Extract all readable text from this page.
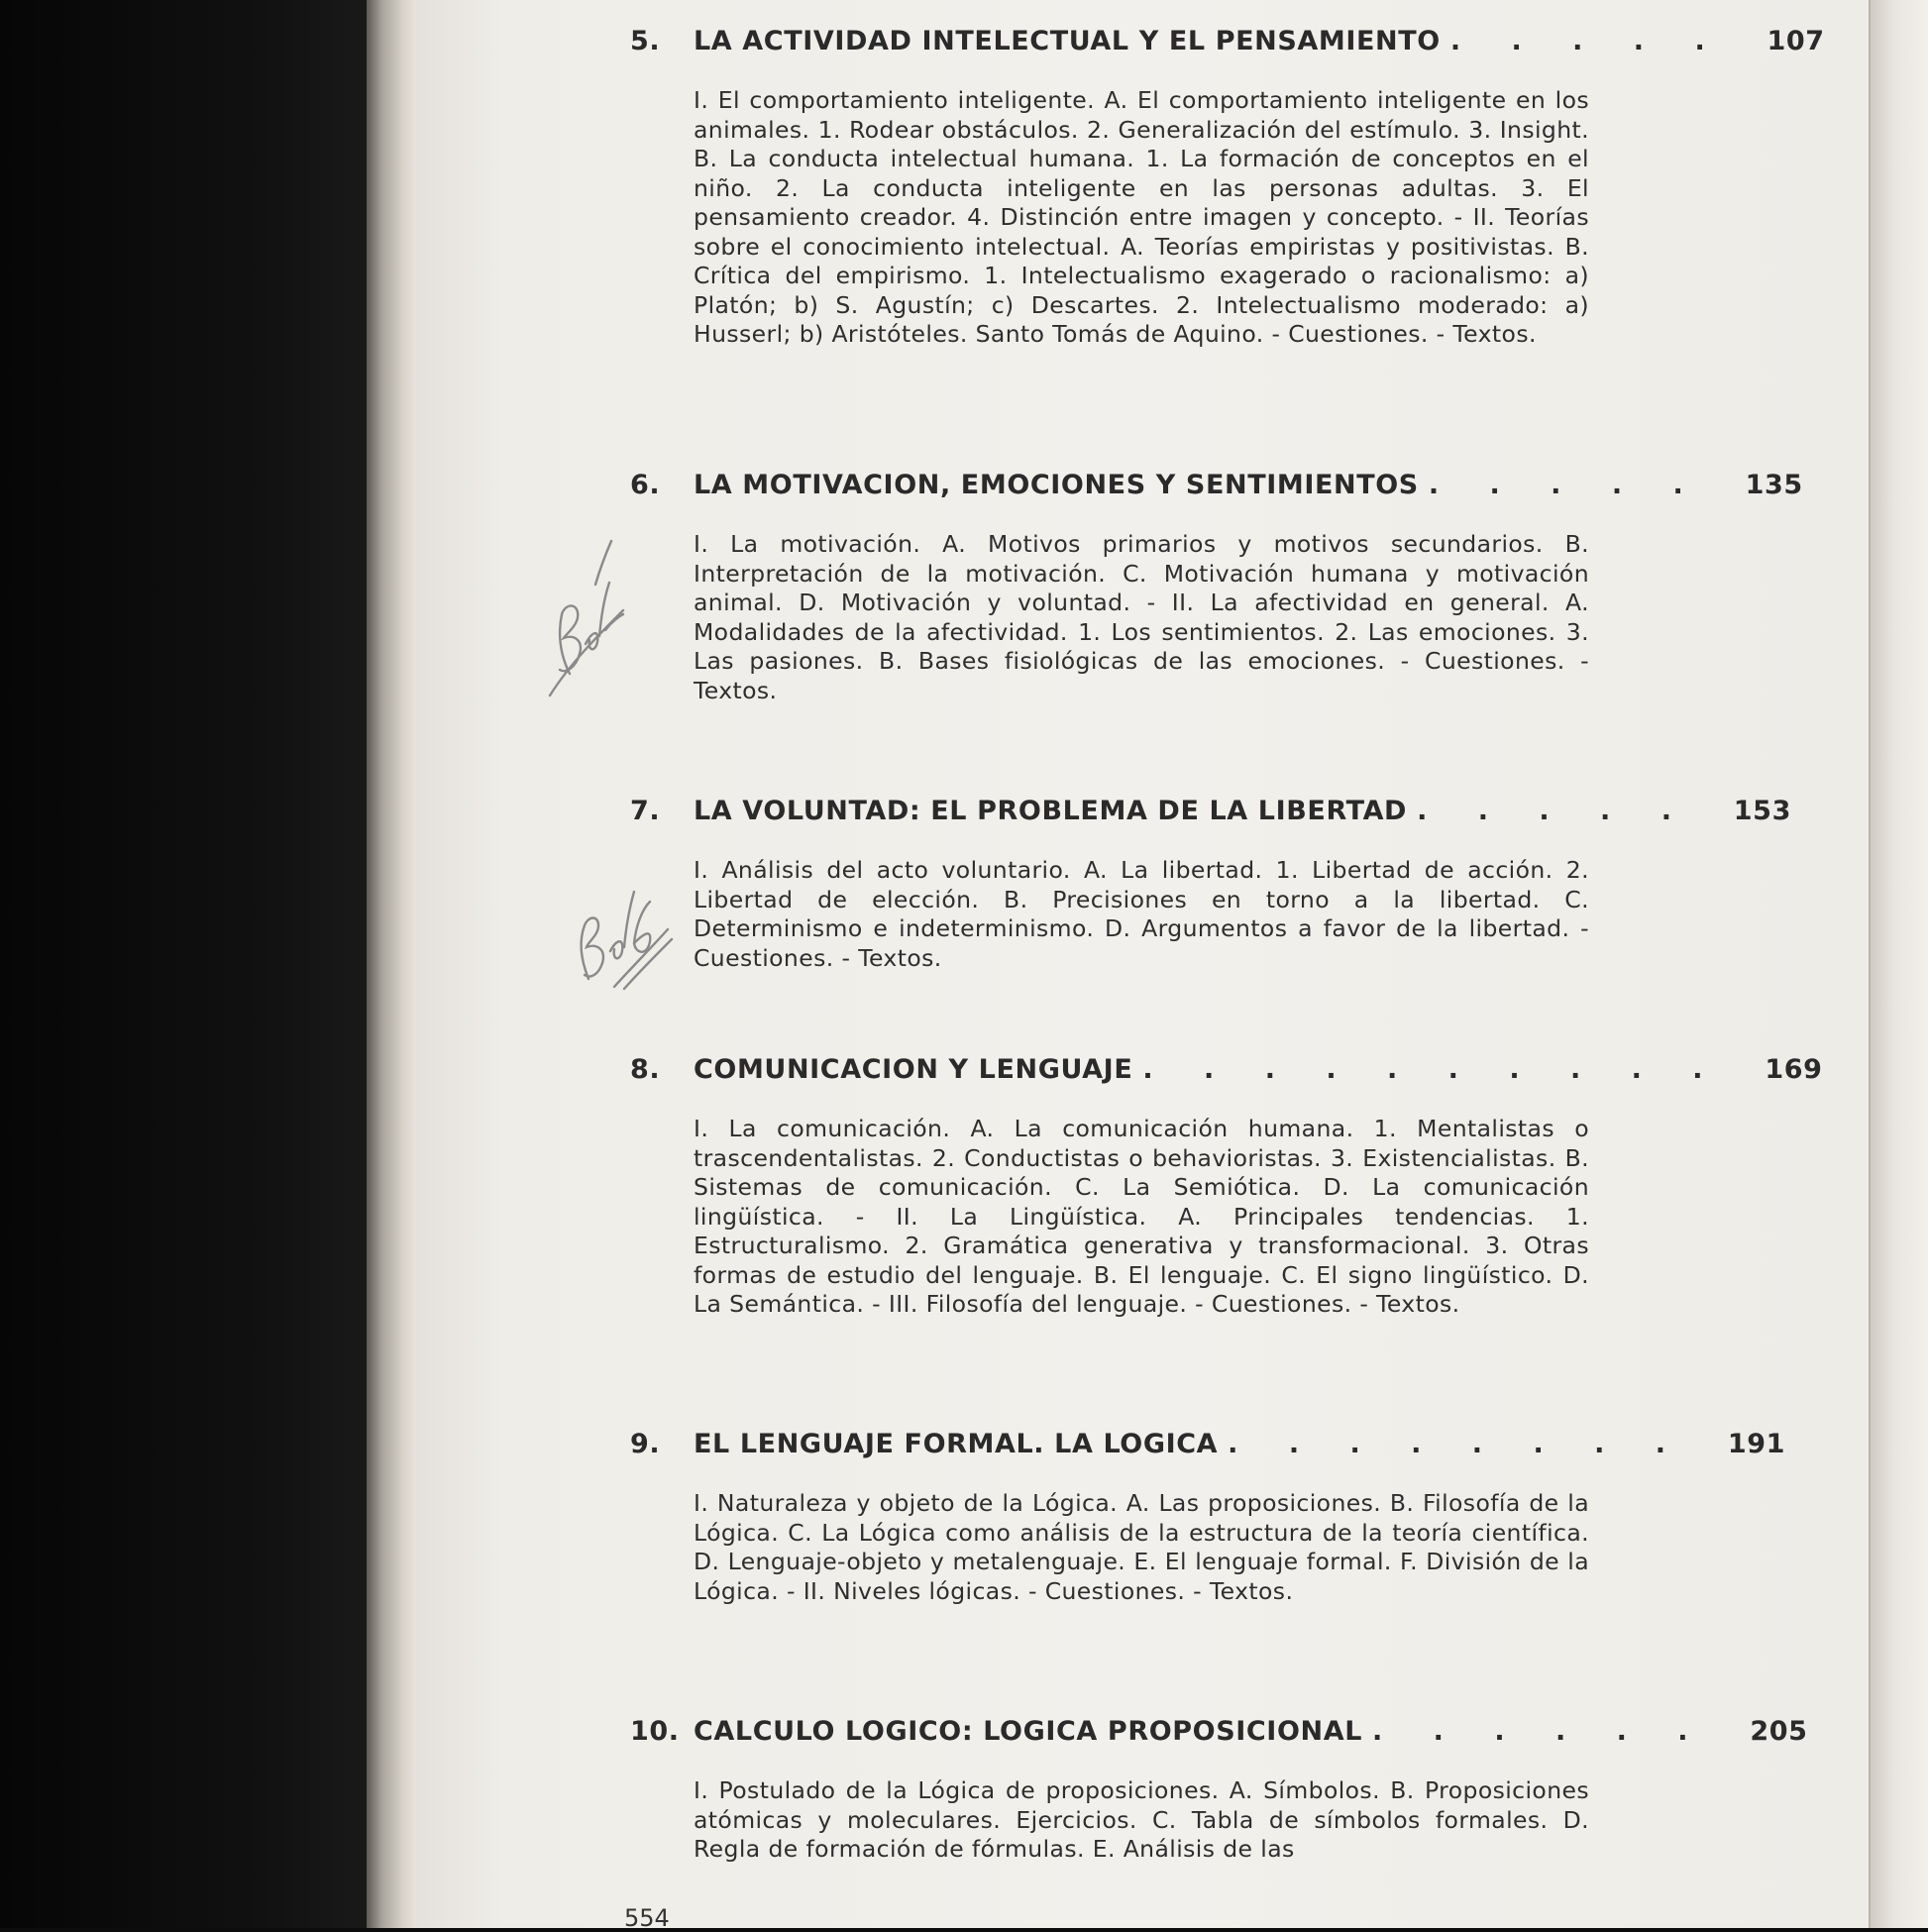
5.	LA ACTIVIDAD INTELECTUAL Y EL PENSAMIENTO . . . . . 107
I. El comportamiento inteligente. A. El comportamiento inteligente en los animales. 1. Rodear obstáculos. 2. Generalización del estímulo. 3. Insight. B. La conducta intelectual humana. 1. La formación de conceptos en el niño. 2. La conducta inteligente en las personas adultas. 3. El pensamiento creador. 4. Distinción entre imagen y concepto. - II. Teorías sobre el conocimiento intelectual. A. Teorías empiristas y positivistas. B. Crítica del empirismo. 1. Intelectualismo exagerado o racionalismo: a) Platón; b) S. Agustín; c) Descartes. 2. Intelectualismo moderado: a) Husserl; b) Aristóteles. Santo Tomás de Aquino. - Cuestiones. - Textos.
6.	LA MOTIVACION, EMOCIONES Y SENTIMIENTOS . . . . . 135
I. La motivación. A. Motivos primarios y motivos secundarios. B. Interpretación de la motivación. C. Motivación humana y motivación animal. D. Motivación y voluntad. - II. La afectividad en general. A. Modalidades de la afectividad. 1. Los sentimientos. 2. Las emociones. 3. Las pasiones. B. Bases fisiológicas de las emociones. - Cuestiones. - Textos.
7.	LA VOLUNTAD: EL PROBLEMA DE LA LIBERTAD . . . . . 153
I. Análisis del acto voluntario. A. La libertad. 1. Libertad de acción. 2. Libertad de elección. B. Precisiones en torno a la libertad. C. Determinismo e indeterminismo. D. Argumentos a favor de la libertad. - Cuestiones. - Textos.
8.	COMUNICACION Y LENGUAJE . . . . . . . . . . 169
I. La comunicación. A. La comunicación humana. 1. Mentalistas o trascendentalistas. 2. Conductistas o behavioristas. 3. Existencialistas. B. Sistemas de comunicación. C. La Semiótica. D. La comunicación lingüística. - II. La Lingüística. A. Principales tendencias. 1. Estructuralismo. 2. Gramática generativa y transformacional. 3. Otras formas de estudio del lenguaje. B. El lenguaje. C. El signo lingüístico. D. La Semántica. - III. Filosofía del lenguaje. - Cuestiones. - Textos.
9.	EL LENGUAJE FORMAL. LA LOGICA . . . . . . . . 191
I. Naturaleza y objeto de la Lógica. A. Las proposiciones. B. Filosofía de la Lógica. C. La Lógica como análisis de la estructura de la teoría científica. D. Lenguaje-objeto y metalenguaje. E. El lenguaje formal. F. División de la Lógica. - II. Niveles lógicas. - Cuestiones. - Textos.
10. CALCULO LOGICO: LOGICA PROPOSICIONAL . . . . . . 205
I. Postulado de la Lógica de proposiciones. A. Símbolos. B. Proposiciones atómicas y moleculares. Ejercicios. C. Tabla de símbolos formales. D. Regla de formación de fórmulas. E. Análisis de las
554
